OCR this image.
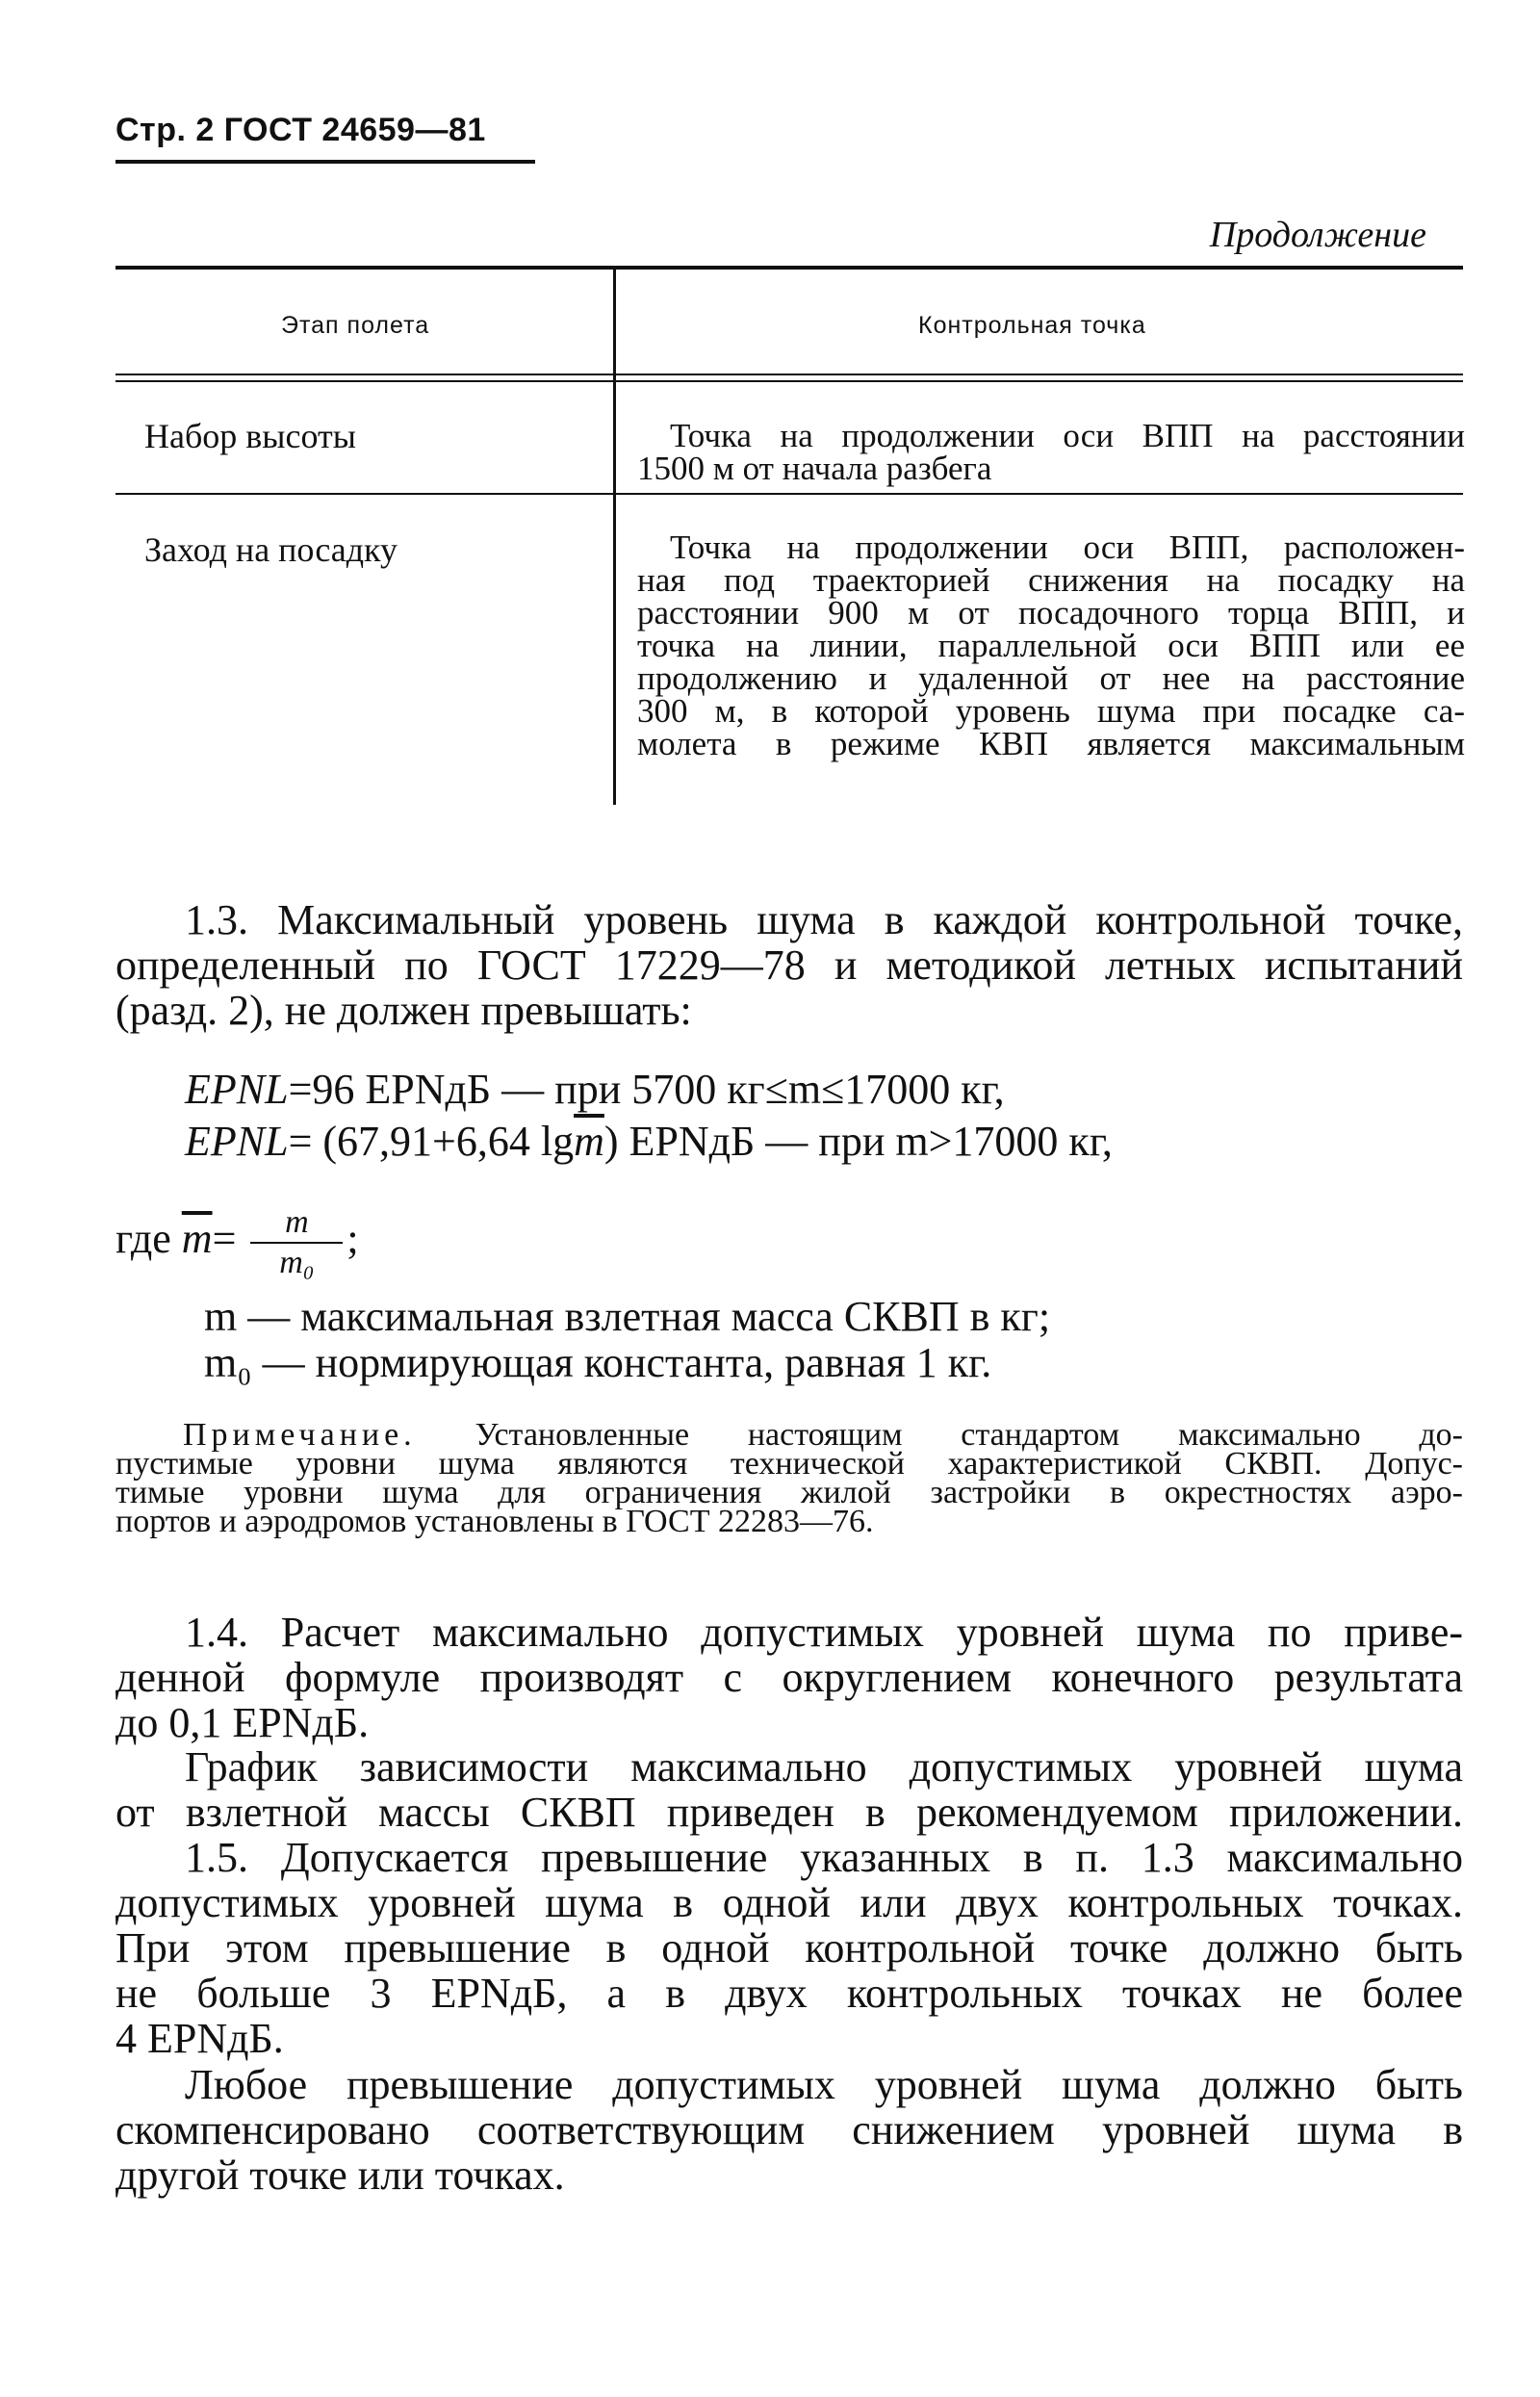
Стр. 2 ГОСТ 24659—81
Продолжение
Этап полета	Контрольная точка
Набор высоты	Точка на продолжении оси ВПП на расстоянии
1500 м от начала разбега
Заход на посадку	Точка на продолжении оси ВПП, расположен-
ная под траекторией снижения на посадку на
расстоянии 900 м от посадочного торца ВПП, и
точка на линии, параллельной оси ВПП или ее
продолжению и удаленной от нее на расстояние
300 м, в которой уровень шума при посадке са-
молета в режиме КВП является максимальным
1.3. Максимальный уровень шума в каждой контрольной точке,
определенный по ГОСТ 17229—78 и методикой летных испытаний
(разд. 2), не должен превышать:
EPNL=96 EPNдБ — при 5700 кг≤m≤17000 кг,
EPNL= (67,91+6,64 $\lg\overline{m}$) EPNдБ — при m>17000 кг,
где $\overline{m}= \frac{m}{\text{m₀}}$ ;
m — максимальная взлетная масса СКВП в кг;
m₀ — нормирующая константа, равная 1 кг.
Примечание. Установленные настоящим стандартом максимально до-
пустимые уровни шума являются технической характеристикой СКВП. Допус-
тимые уровни шума для ограничения жилой застройки в окрестностях аэро-
портов и аэродромов установлены в ГОСТ 22283—76.
1.4. Расчет максимально допустимых уровней шума по приве-
денной формуле производят с округлением конечного результата
до 0,1 EPNдБ.
График зависимости максимально допустимых уровней шума
от взлетной массы СКВП приведен в рекомендуемом приложении.
1.5. Допускается превышение указанных в п. 1.3 максимально
допустимых уровней шума в одной или двух контрольных точках.
При этом превышение в одной контрольной точке должно быть
не больше 3 EPNдБ, а в двух контрольных точках не более
4 EPNдБ.
Любое превышение допустимых уровней шума должно быть
скомпенсировано соответствующим снижением уровней шума в
другой точке или точках.
